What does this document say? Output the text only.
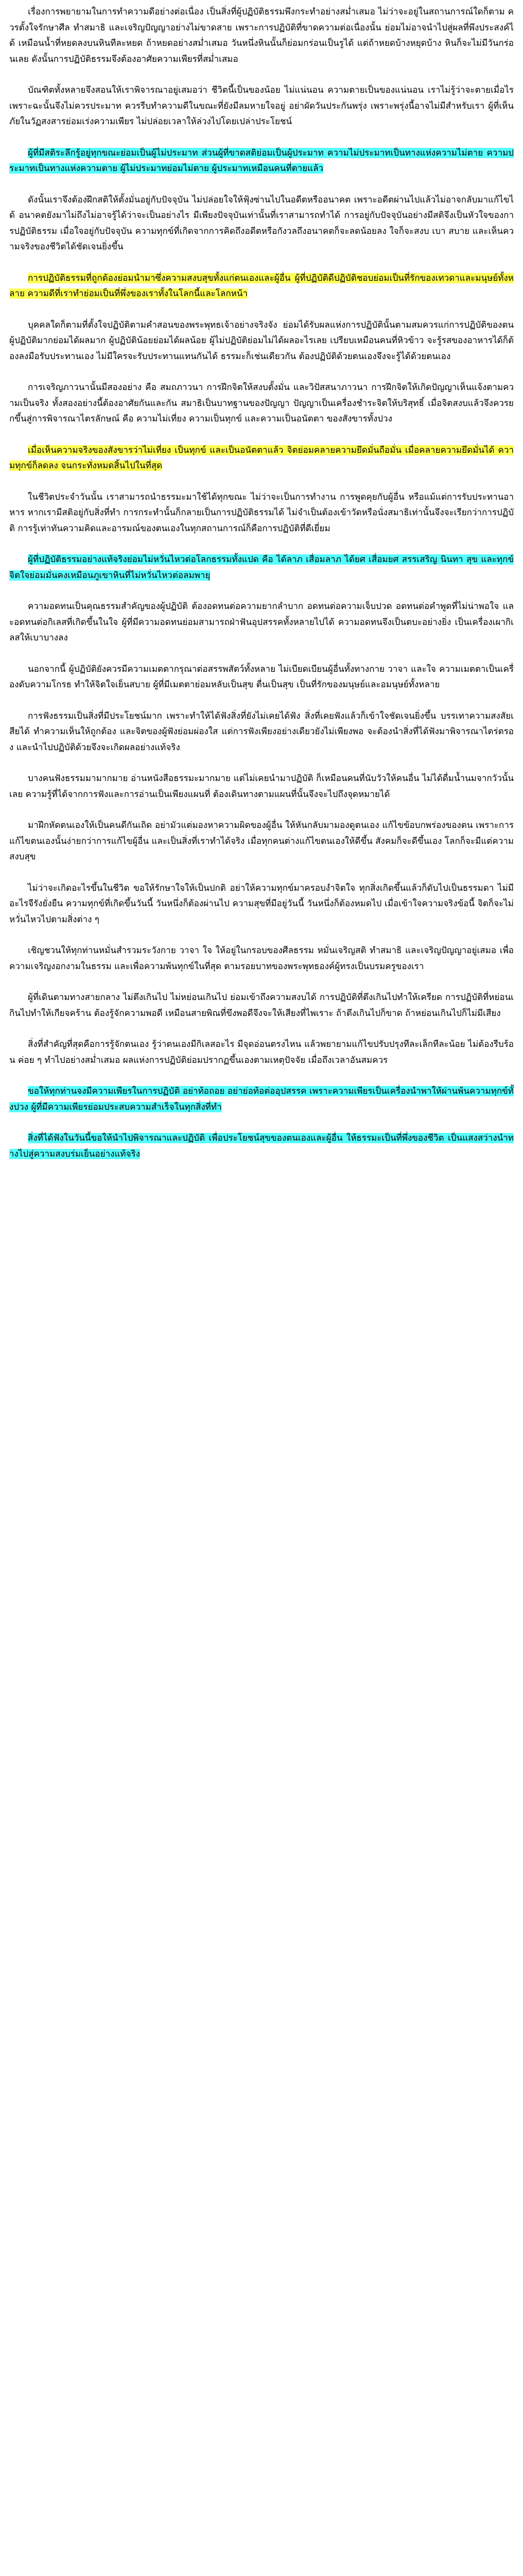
เรื่องการพยายามในการทำความดีอย่างต่อเนื่อง เป็นสิ่งที่ผู้ปฏิบัติธรรมพึงกระทำอย่างสม่ำเสมอ ไม่ว่าจะอยู่ในสถานการณ์ใดก็ตาม ควรตั้งใจรักษาศีล ทำสมาธิ และเจริญปัญญาอย่างไม่ขาดสาย เพราะการปฏิบัติที่ขาดความต่อเนื่องนั้น ย่อมไม่อาจนำไปสู่ผลที่พึงประสงค์ได้ เหมือนน้ำที่หยดลงบนหินทีละหยด ถ้าหยดอย่างสม่ำเสมอ วันหนึ่งหินนั้นก็ย่อมกร่อนเป็นรูได้ แต่ถ้าหยดบ้างหยุดบ้าง หินก็จะไม่มีวันกร่อนเลย ดังนั้นการปฏิบัติธรรมจึงต้องอาศัยความเพียรที่สม่ำเสมอ

บัณฑิตทั้งหลายจึงสอนให้เราพิจารณาอยู่เสมอว่า ชีวิตนี้เป็นของน้อย ไม่แน่นอน ความตายเป็นของแน่นอน เราไม่รู้ว่าจะตายเมื่อไร เพราะฉะนั้นจึงไม่ควรประมาท ควรรีบทำความดีในขณะที่ยังมีลมหายใจอยู่ อย่าผัดวันประกันพรุ่ง เพราะพรุ่งนี้อาจไม่มีสำหรับเรา ผู้ที่เห็นภัยในวัฏสงสารย่อมเร่งความเพียร ไม่ปล่อยเวลาให้ล่วงไปโดยเปล่าประโยชน์

ผู้ที่มีสติระลึกรู้อยู่ทุกขณะย่อมเป็นผู้ไม่ประมาท ส่วนผู้ที่ขาดสติย่อมเป็นผู้ประมาท ความไม่ประมาทเป็นทางแห่งความไม่ตาย ความประมาทเป็นทางแห่งความตาย ผู้ไม่ประมาทย่อมไม่ตาย ผู้ประมาทเหมือนคนที่ตายแล้ว

ดังนั้นเราจึงต้องฝึกสติให้ตั้งมั่นอยู่กับปัจจุบัน ไม่ปล่อยใจให้ฟุ้งซ่านไปในอดีตหรืออนาคต เพราะอดีตผ่านไปแล้วไม่อาจกลับมาแก้ไขได้ อนาคตยังมาไม่ถึงไม่อาจรู้ได้ว่าจะเป็นอย่างไร มีเพียงปัจจุบันเท่านั้นที่เราสามารถทำได้ การอยู่กับปัจจุบันอย่างมีสติจึงเป็นหัวใจของการปฏิบัติธรรม เมื่อใจอยู่กับปัจจุบัน ความทุกข์ที่เกิดจากการคิดถึงอดีตหรือกังวลถึงอนาคตก็จะลดน้อยลง ใจก็จะสงบ เบา สบาย และเห็นความจริงของชีวิตได้ชัดเจนยิ่งขึ้น

การปฏิบัติธรรมที่ถูกต้องย่อมนำมาซึ่งความสงบสุขทั้งแก่ตนเองและผู้อื่น ผู้ที่ปฏิบัติดีปฏิบัติชอบย่อมเป็นที่รักของเทวดาและมนุษย์ทั้งหลาย ความดีที่เราทำย่อมเป็นที่พึ่งของเราทั้งในโลกนี้และโลกหน้า

บุคคลใดก็ตามที่ตั้งใจปฏิบัติตามคำสอนของพระพุทธเจ้าอย่างจริงจัง ย่อมได้รับผลแห่งการปฏิบัตินั้นตามสมควรแก่การปฏิบัติของตน ผู้ปฏิบัติมากย่อมได้ผลมาก ผู้ปฏิบัติน้อยย่อมได้ผลน้อย ผู้ไม่ปฏิบัติย่อมไม่ได้ผลอะไรเลย เปรียบเหมือนคนที่หิวข้าว จะรู้รสของอาหารได้ก็ต้องลงมือรับประทานเอง ไม่มีใครจะรับประทานแทนกันได้ ธรรมะก็เช่นเดียวกัน ต้องปฏิบัติด้วยตนเองจึงจะรู้ได้ด้วยตนเอง

การเจริญภาวนานั้นมีสองอย่าง คือ สมถภาวนา การฝึกจิตให้สงบตั้งมั่น และวิปัสสนาภาวนา การฝึกจิตให้เกิดปัญญาเห็นแจ้งตามความเป็นจริง ทั้งสองอย่างนี้ต้องอาศัยกันและกัน สมาธิเป็นบาทฐานของปัญญา ปัญญาเป็นเครื่องชำระจิตให้บริสุทธิ์ เมื่อจิตสงบแล้วจึงควรยกขึ้นสู่การพิจารณาไตรลักษณ์ คือ ความไม่เที่ยง ความเป็นทุกข์ และความเป็นอนัตตา ของสังขารทั้งปวง

เมื่อเห็นความจริงของสังขารว่าไม่เที่ยง เป็นทุกข์ และเป็นอนัตตาแล้ว จิตย่อมคลายความยึดมั่นถือมั่น เมื่อคลายความยึดมั่นได้ ความทุกข์ก็ลดลง จนกระทั่งหมดสิ้นไปในที่สุด

ในชีวิตประจำวันนั้น เราสามารถนำธรรมะมาใช้ได้ทุกขณะ ไม่ว่าจะเป็นการทำงาน การพูดคุยกับผู้อื่น หรือแม้แต่การรับประทานอาหาร หากเรามีสติอยู่กับสิ่งที่ทำ การกระทำนั้นก็กลายเป็นการปฏิบัติธรรมได้ ไม่จำเป็นต้องเข้าวัดหรือนั่งสมาธิเท่านั้นจึงจะเรียกว่าการปฏิบัติ การรู้เท่าทันความคิดและอารมณ์ของตนเองในทุกสถานการณ์ก็คือการปฏิบัติที่ดีเยี่ยม

ผู้ที่ปฏิบัติธรรมอย่างแท้จริงย่อมไม่หวั่นไหวต่อโลกธรรมทั้งแปด คือ ได้ลาภ เสื่อมลาภ ได้ยศ เสื่อมยศ สรรเสริญ นินทา สุข และทุกข์ จิตใจย่อมมั่นคงเหมือนภูเขาหินที่ไม่หวั่นไหวต่อลมพายุ

ความอดทนเป็นคุณธรรมสำคัญของผู้ปฏิบัติ ต้องอดทนต่อความยากลำบาก อดทนต่อความเจ็บปวด อดทนต่อคำพูดที่ไม่น่าพอใจ และอดทนต่อกิเลสที่เกิดขึ้นในใจ ผู้ที่มีความอดทนย่อมสามารถฝ่าฟันอุปสรรคทั้งหลายไปได้ ความอดทนจึงเป็นตบะอย่างยิ่ง เป็นเครื่องเผากิเลสให้เบาบางลง

นอกจากนี้ ผู้ปฏิบัติยังควรมีความเมตตากรุณาต่อสรรพสัตว์ทั้งหลาย ไม่เบียดเบียนผู้อื่นทั้งทางกาย วาจา และใจ ความเมตตาเป็นเครื่องดับความโกรธ ทำให้จิตใจเย็นสบาย ผู้ที่มีเมตตาย่อมหลับเป็นสุข ตื่นเป็นสุข เป็นที่รักของมนุษย์และอมนุษย์ทั้งหลาย

การฟังธรรมเป็นสิ่งที่มีประโยชน์มาก เพราะทำให้ได้ฟังสิ่งที่ยังไม่เคยได้ฟัง สิ่งที่เคยฟังแล้วก็เข้าใจชัดเจนยิ่งขึ้น บรรเทาความสงสัยเสียได้ ทำความเห็นให้ถูกต้อง และจิตของผู้ฟังย่อมผ่องใส แต่การฟังเพียงอย่างเดียวยังไม่เพียงพอ จะต้องนำสิ่งที่ได้ฟังมาพิจารณาไตร่ตรอง และนำไปปฏิบัติด้วยจึงจะเกิดผลอย่างแท้จริง

บางคนฟังธรรมมามากมาย อ่านหนังสือธรรมะมากมาย แต่ไม่เคยนำมาปฏิบัติ ก็เหมือนคนที่นับวัวให้คนอื่น ไม่ได้ดื่มน้ำนมจากวัวนั้นเลย ความรู้ที่ได้จากการฟังและการอ่านเป็นเพียงแผนที่ ต้องเดินทางตามแผนที่นั้นจึงจะไปถึงจุดหมายได้

มาฝึกหัดตนเองให้เป็นคนดีกันเถิด อย่ามัวแต่มองหาความผิดของผู้อื่น ให้หันกลับมามองดูตนเอง แก้ไขข้อบกพร่องของตน เพราะการแก้ไขตนเองนั้นง่ายกว่าการแก้ไขผู้อื่น และเป็นสิ่งที่เราทำได้จริง เมื่อทุกคนต่างแก้ไขตนเองให้ดีขึ้น สังคมก็จะดีขึ้นเอง โลกก็จะมีแต่ความสงบสุข

ไม่ว่าจะเกิดอะไรขึ้นในชีวิต ขอให้รักษาใจให้เป็นปกติ อย่าให้ความทุกข์มาครอบงำจิตใจ ทุกสิ่งเกิดขึ้นแล้วก็ดับไปเป็นธรรมดา ไม่มีอะไรจีรังยั่งยืน ความทุกข์ที่เกิดขึ้นวันนี้ วันหนึ่งก็ต้องผ่านไป ความสุขที่มีอยู่วันนี้ วันหนึ่งก็ต้องหมดไป เมื่อเข้าใจความจริงข้อนี้ จิตก็จะไม่หวั่นไหวไปตามสิ่งต่าง ๆ

เชิญชวนให้ทุกท่านหมั่นสำรวมระวังกาย วาจา ใจ ให้อยู่ในกรอบของศีลธรรม หมั่นเจริญสติ ทำสมาธิ และเจริญปัญญาอยู่เสมอ เพื่อความเจริญงอกงามในธรรม และเพื่อความพ้นทุกข์ในที่สุด ตามรอยบาทของพระพุทธองค์ผู้ทรงเป็นบรมครูของเรา

ผู้ที่เดินตามทางสายกลาง ไม่ตึงเกินไป ไม่หย่อนเกินไป ย่อมเข้าถึงความสงบได้ การปฏิบัติที่ตึงเกินไปทำให้เครียด การปฏิบัติที่หย่อนเกินไปทำให้เกียจคร้าน ต้องรู้จักความพอดี เหมือนสายพิณที่ขึงพอดีจึงจะให้เสียงที่ไพเราะ ถ้าตึงเกินไปก็ขาด ถ้าหย่อนเกินไปก็ไม่มีเสียง

สิ่งที่สำคัญที่สุดคือการรู้จักตนเอง รู้ว่าตนเองมีกิเลสอะไร มีจุดอ่อนตรงไหน แล้วพยายามแก้ไขปรับปรุงทีละเล็กทีละน้อย ไม่ต้องรีบร้อน ค่อย ๆ ทำไปอย่างสม่ำเสมอ ผลแห่งการปฏิบัติย่อมปรากฏขึ้นเองตามเหตุปัจจัย เมื่อถึงเวลาอันสมควร

ขอให้ทุกท่านจงมีความเพียรในการปฏิบัติ อย่าท้อถอย อย่าย่อท้อต่ออุปสรรค เพราะความเพียรเป็นเครื่องนำพาให้ผ่านพ้นความทุกข์ทั้งปวง ผู้ที่มีความเพียรย่อมประสบความสำเร็จในทุกสิ่งที่ทำ

สิ่งที่ได้ฟังในวันนี้ขอให้นำไปพิจารณาและปฏิบัติ เพื่อประโยชน์สุขของตนเองและผู้อื่น ให้ธรรมะเป็นที่พึ่งของชีวิต เป็นแสงสว่างนำทางไปสู่ความสงบร่มเย็นอย่างแท้จริง
